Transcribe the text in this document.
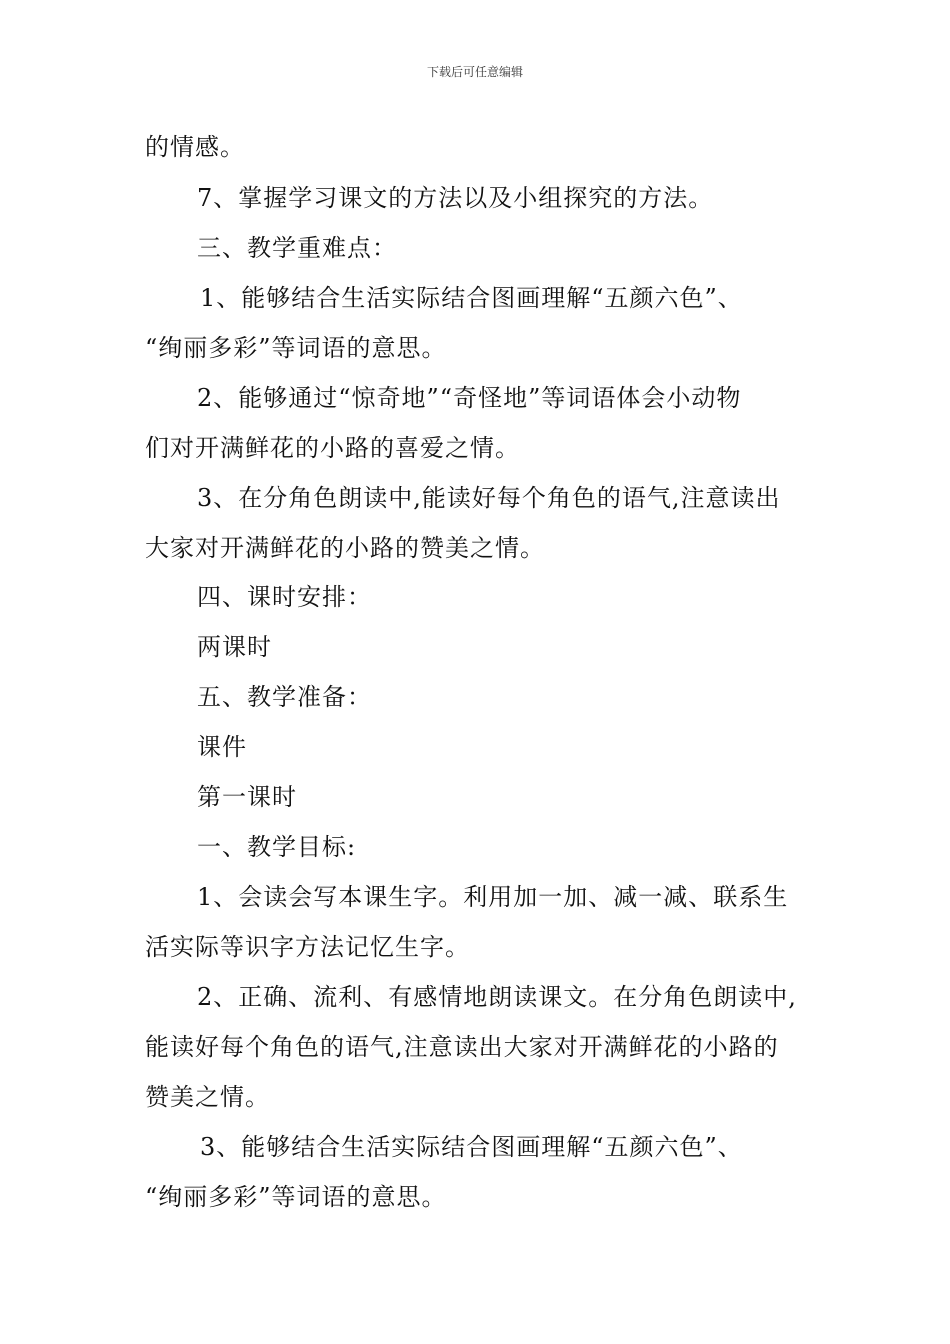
下载后可任意编辑
的情感。
7、掌握学习课文的方法以及小组探究的方法。
三、教学重难点：
1、能够结合生活实际结合图画理解“五颜六色”、
“绚丽多彩”等词语的意思。
2、能够通过“惊奇地”“奇怪地”等词语体会小动物
们对开满鲜花的小路的喜爱之情。
3、在分角色朗读中,能读好每个角色的语气,注意读出
大家对开满鲜花的小路的赞美之情。
四、课时安排：
两课时
五、教学准备：
课件
第一课时
一、教学目标:
1、会读会写本课生字。利用加一加、减一减、联系生
活实际等识字方法记忆生字。
2、正确、流利、有感情地朗读课文。在分角色朗读中,
能读好每个角色的语气,注意读出大家对开满鲜花的小路的
赞美之情。
3、能够结合生活实际结合图画理解“五颜六色”、
“绚丽多彩”等词语的意思。
